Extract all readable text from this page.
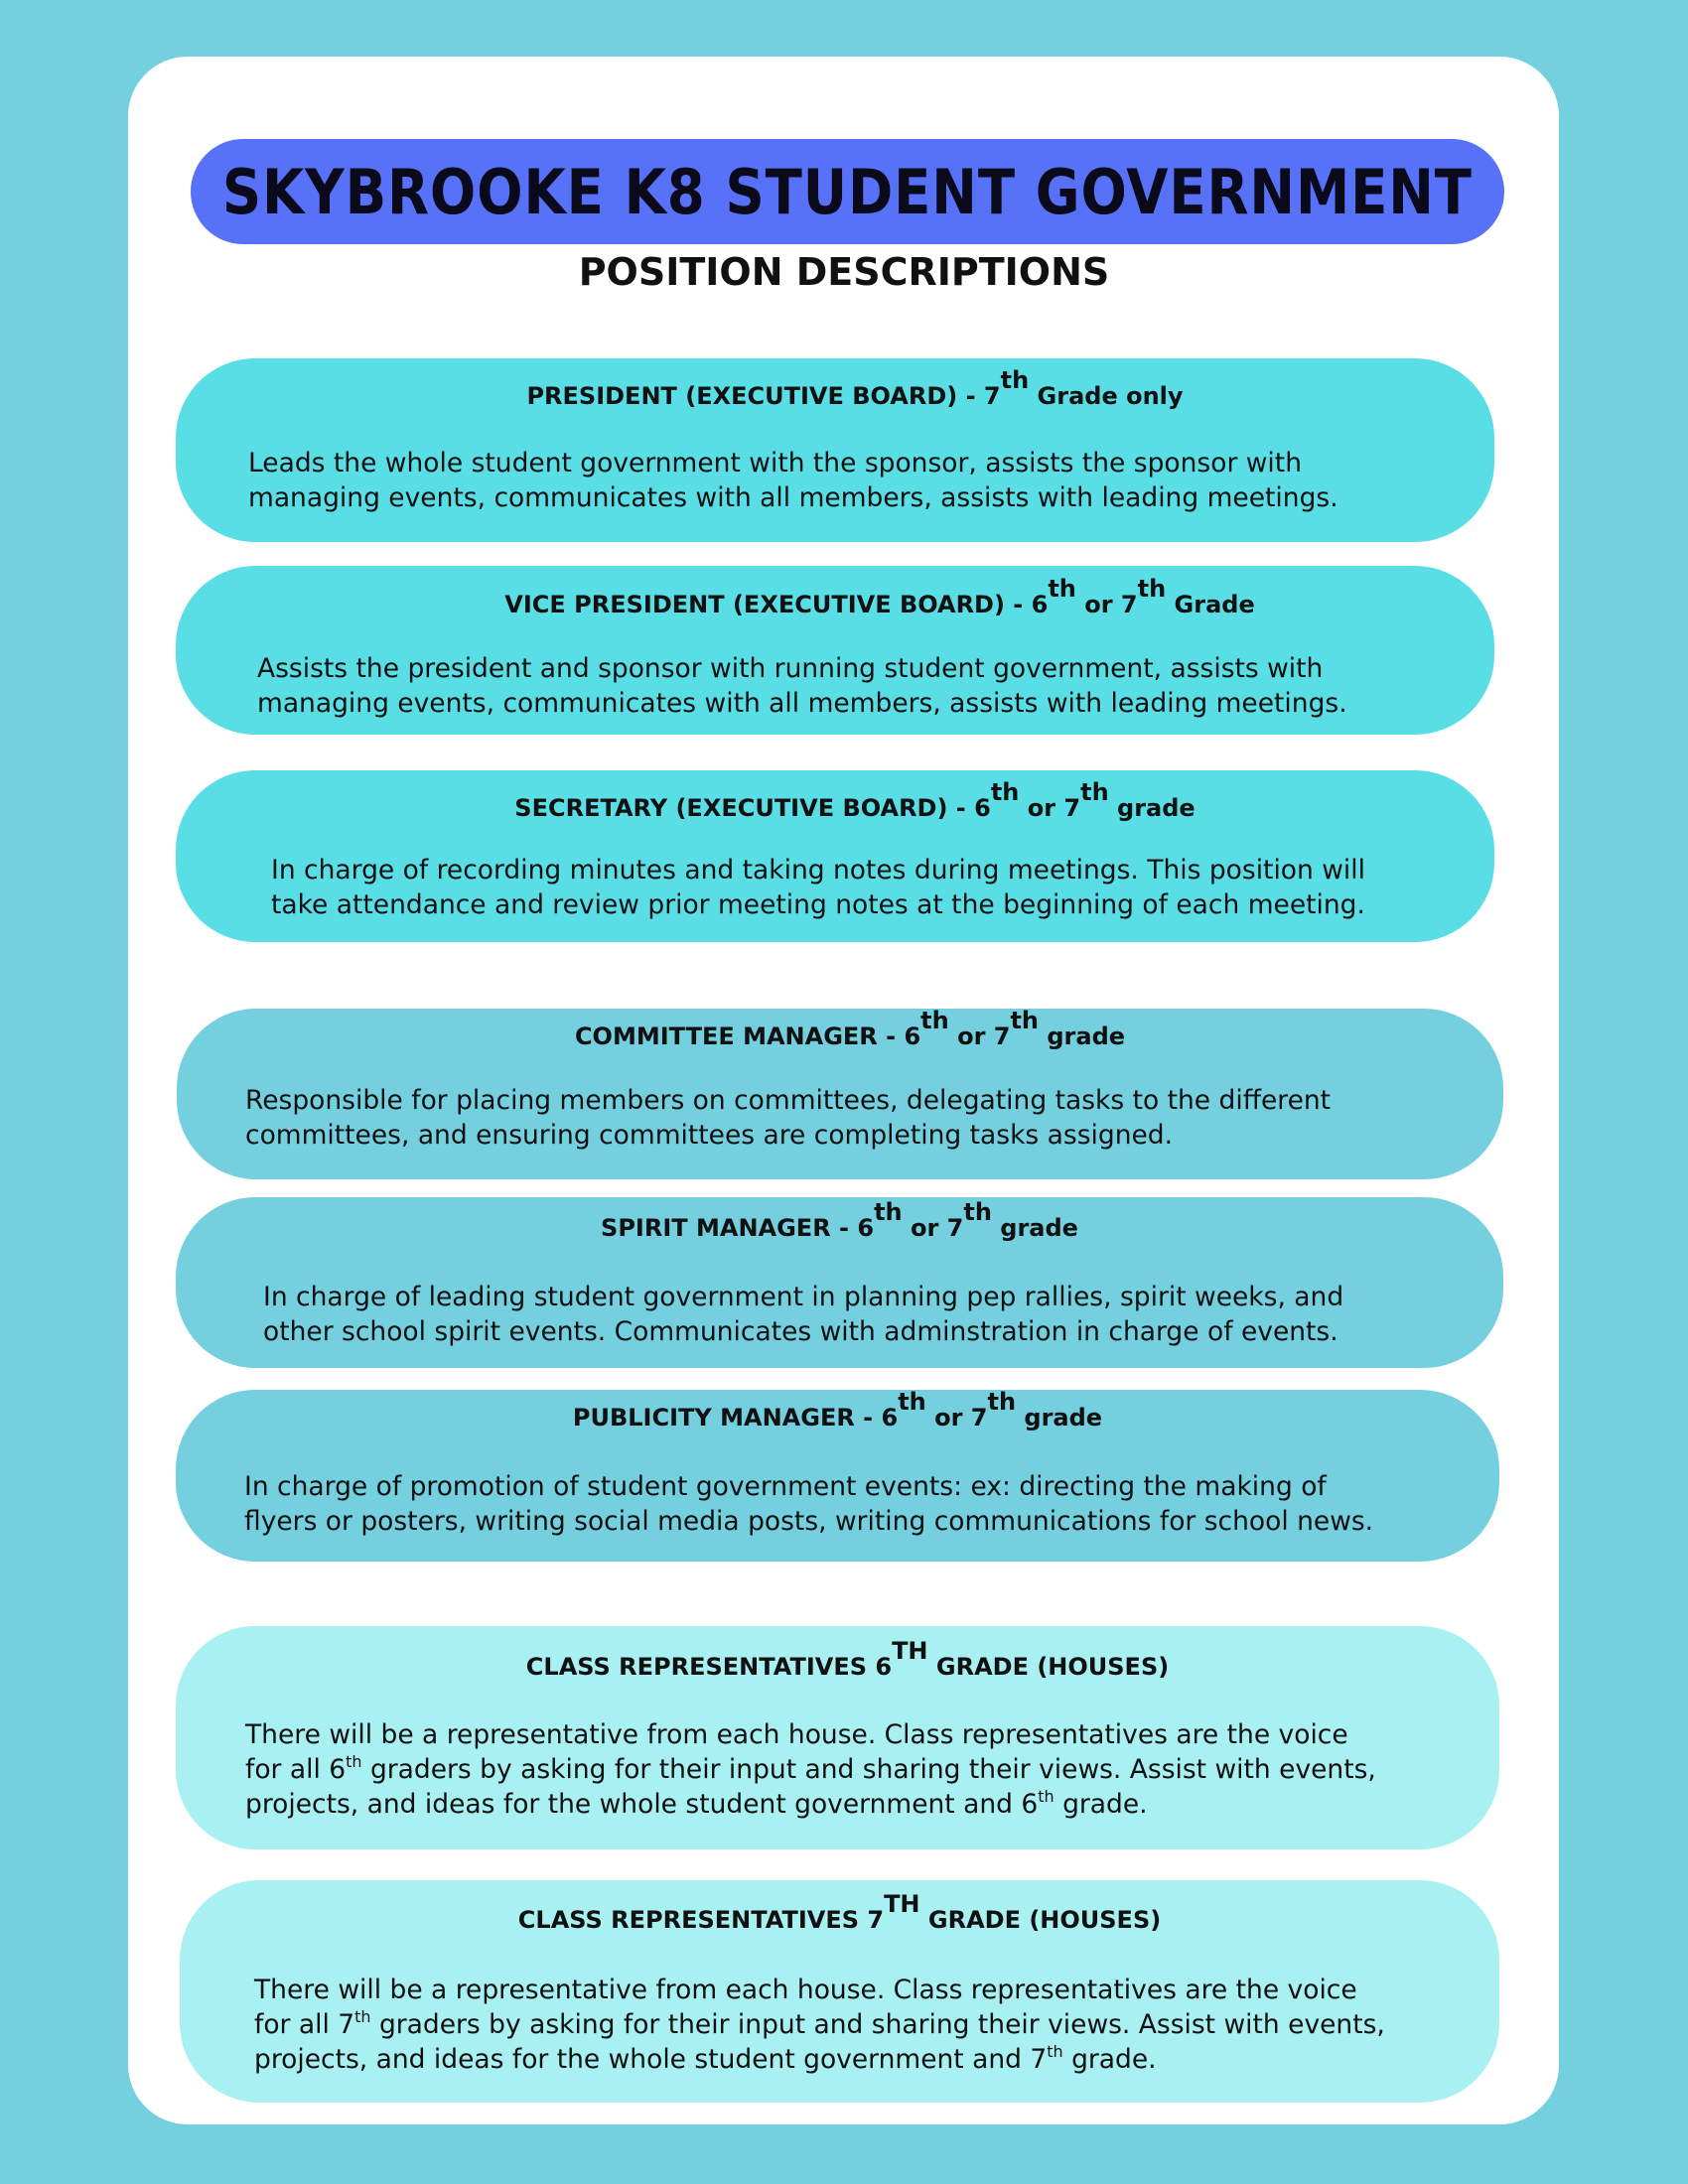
SKYBROOKE K8 STUDENT GOVERNMENT

POSITION DESCRIPTIONS

PRESIDENT (EXECUTIVE BOARD) - 7th Grade only
Leads the whole student government with the sponsor, assists the sponsor with
managing events, communicates with all members, assists with leading meetings.
VICE PRESIDENT (EXECUTIVE BOARD) - 6th or 7th Grade
Assists the president and sponsor with running student government, assists with
managing events, communicates with all members, assists with leading meetings.
SECRETARY (EXECUTIVE BOARD) - 6th or 7th grade
In charge of recording minutes and taking notes during meetings. This position will
take attendance and review prior meeting notes at the beginning of each meeting.
COMMITTEE MANAGER - 6th or 7th grade
Responsible for placing members on committees, delegating tasks to the different
committees, and ensuring committees are completing tasks assigned.
SPIRIT MANAGER - 6th or 7th grade
In charge of leading student government in planning pep rallies, spirit weeks, and
other school spirit events. Communicates with adminstration in charge of events.
PUBLICITY MANAGER - 6th or 7th grade
In charge of promotion of student government events: ex: directing the making of
flyers or posters, writing social media posts, writing communications for school news.
CLASS REPRESENTATIVES 6TH GRADE (HOUSES)
There will be a representative from each house. Class representatives are the voice
for all 6th graders by asking for their input and sharing their views. Assist with events,
projects, and ideas for the whole student government and 6th grade.
CLASS REPRESENTATIVES 7TH GRADE (HOUSES)
There will be a representative from each house. Class representatives are the voice
for all 7th graders by asking for their input and sharing their views. Assist with events,
projects, and ideas for the whole student government and 7th grade.
